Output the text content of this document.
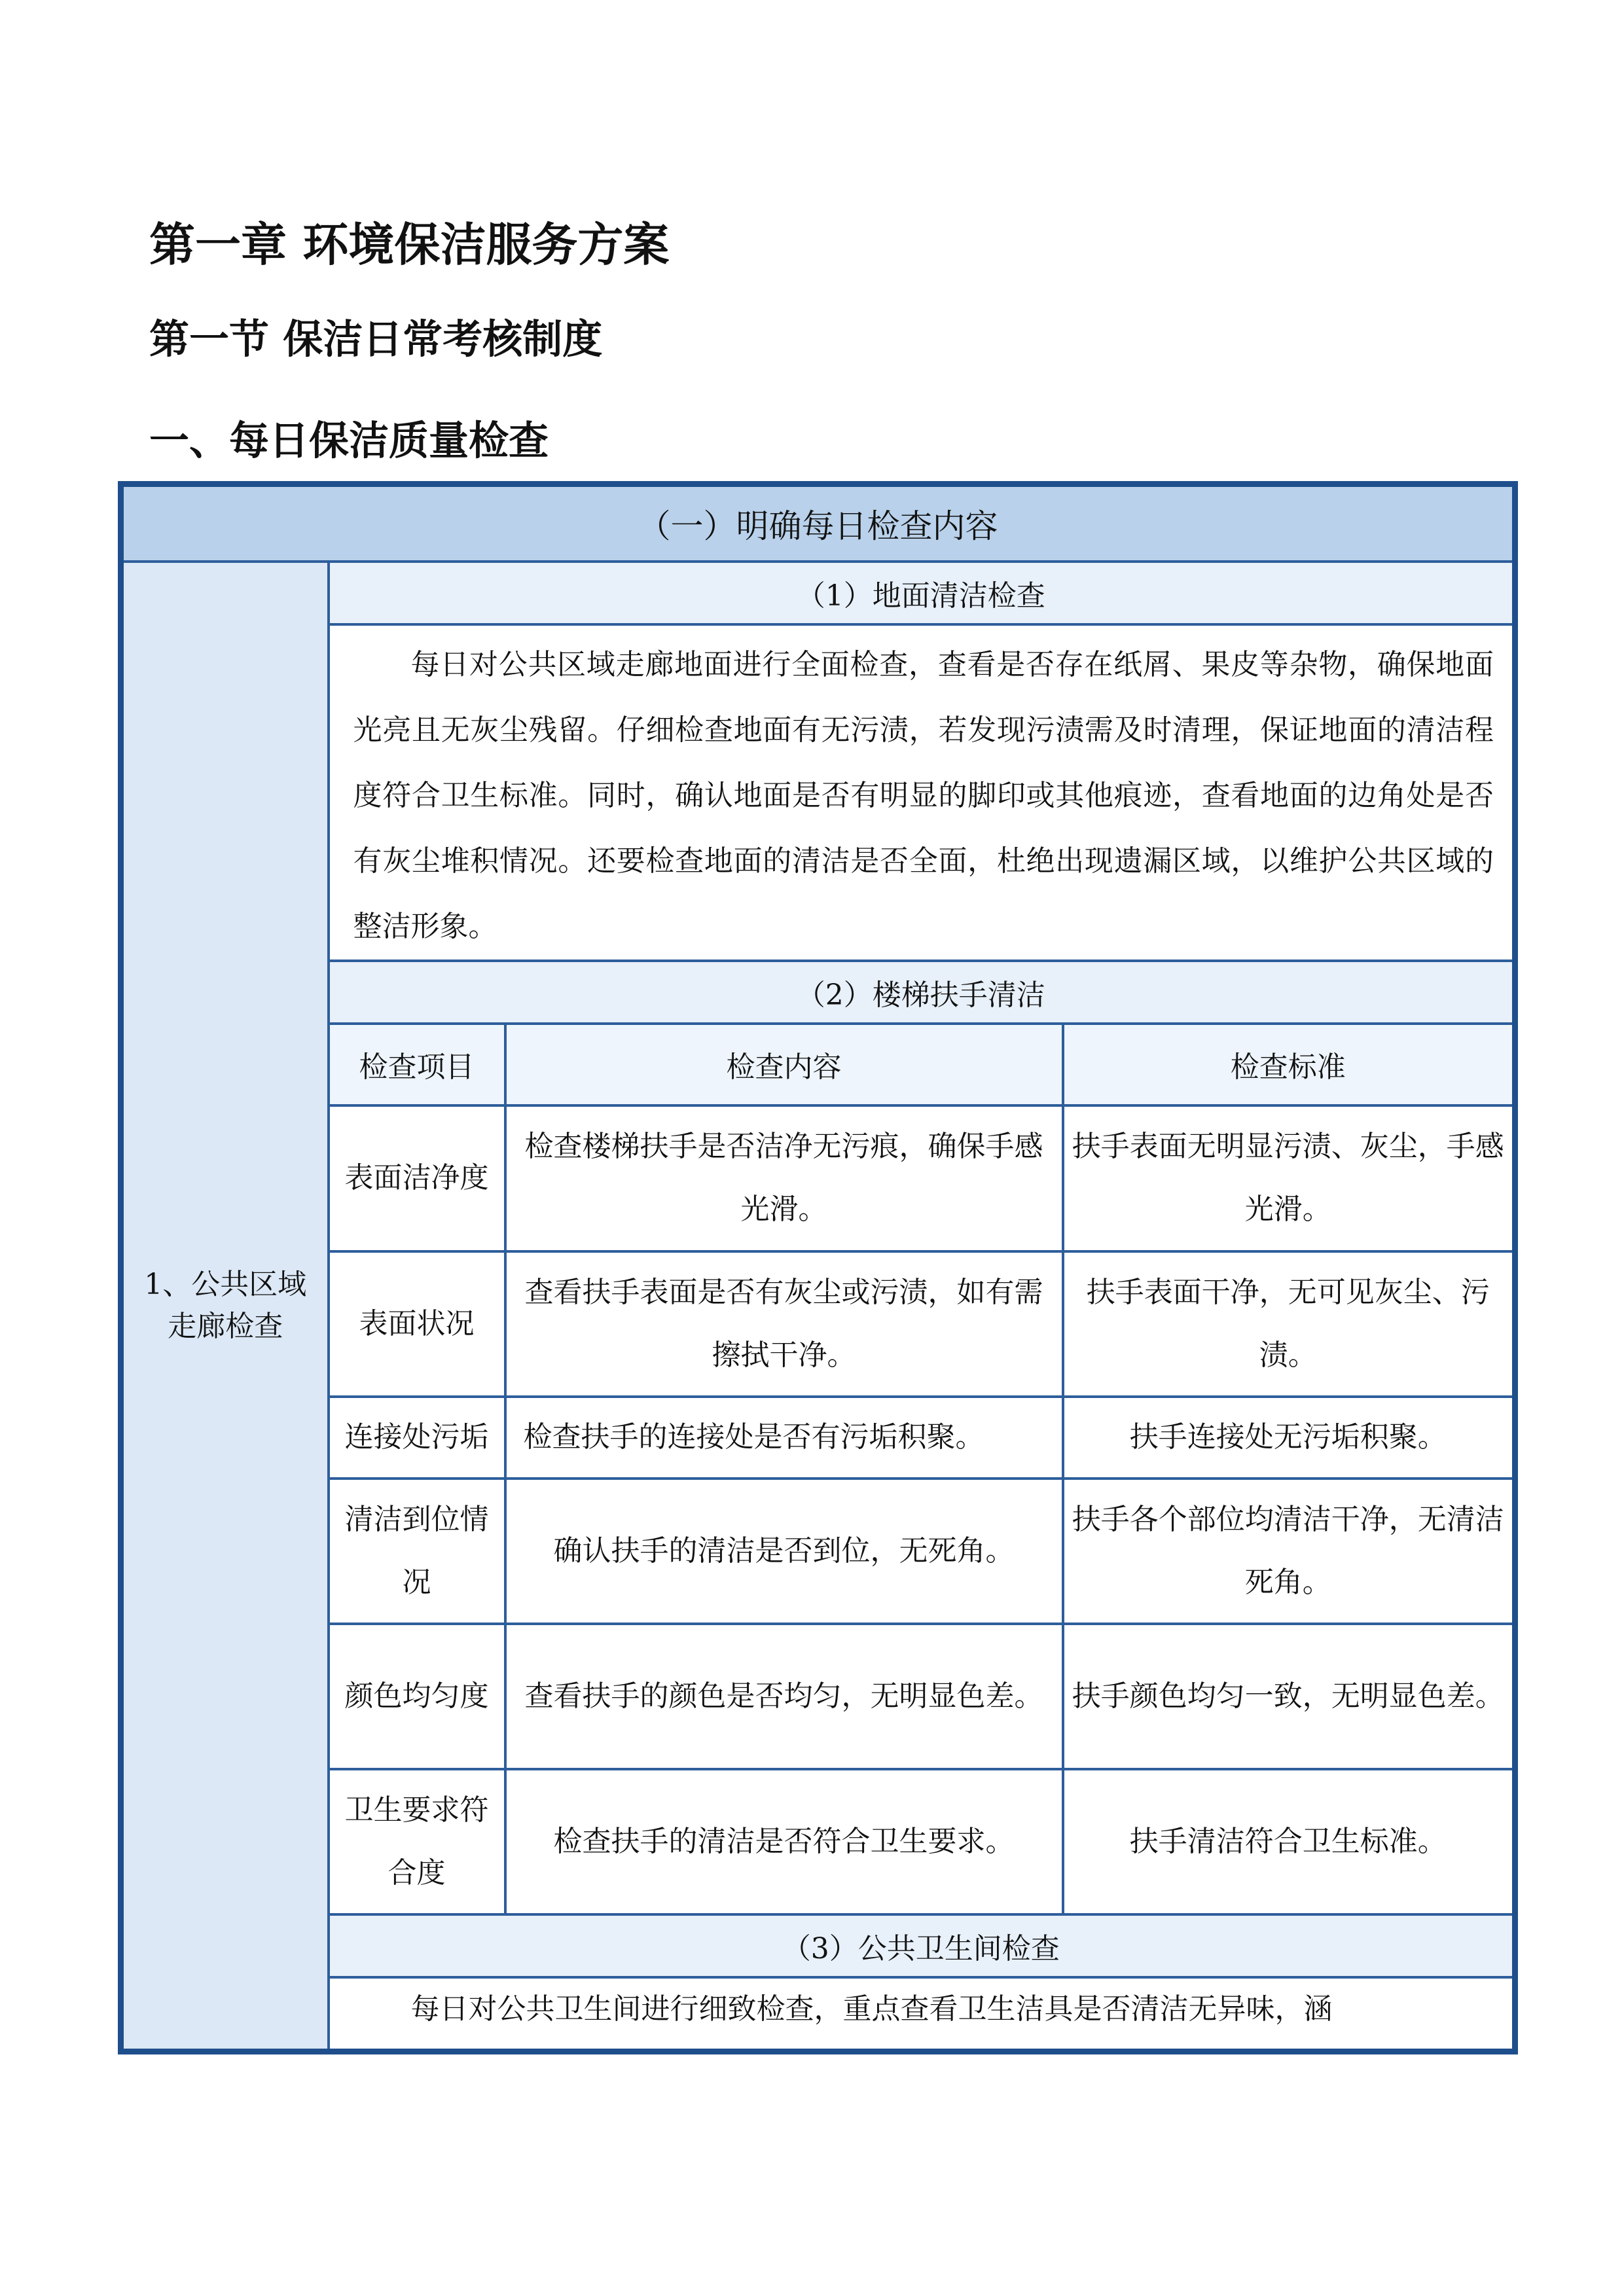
第一章 环境保洁服务方案
第一节 保洁日常考核制度
一、每日保洁质量检查
（一）明确每日检查内容			
1、公共区域走廊检查	（1）地面清洁检查		
	每日对公共区域走廊地面进行全面检查，查看是否存在纸屑、果皮等杂物，确保地面光亮且无灰尘残留。仔细检查地面有无污渍，若发现污渍需及时清理，保证地面的清洁程度符合卫生标准。同时，确认地面是否有明显的脚印或其他痕迹，查看地面的边角处是否有灰尘堆积情况。还要检查地面的清洁是否全面，杜绝出现遗漏区域，以维护公共区域的整洁形象。		
	（2）楼梯扶手清洁		
	检查项目	检查内容	检查标准
	表面洁净度	检查楼梯扶手是否洁净无污痕，确保手感光滑。	扶手表面无明显污渍、灰尘，手感光滑。
	表面状况	查看扶手表面是否有灰尘或污渍，如有需擦拭干净。	扶手表面干净，无可见灰尘、污渍。
	连接处污垢	检查扶手的连接处是否有污垢积聚。	扶手连接处无污垢积聚。
	清洁到位情况	确认扶手的清洁是否到位，无死角。	扶手各个部位均清洁干净，无清洁死角。
	颜色均匀度	查看扶手的颜色是否均匀，无明显色差。	扶手颜色均匀一致，无明显色差。
	卫生要求符合度	检查扶手的清洁是否符合卫生要求。	扶手清洁符合卫生标准。
	（3）公共卫生间检查		
	每日对公共卫生间进行细致检查，重点查看卫生洁具是否清洁无异味，涵		
